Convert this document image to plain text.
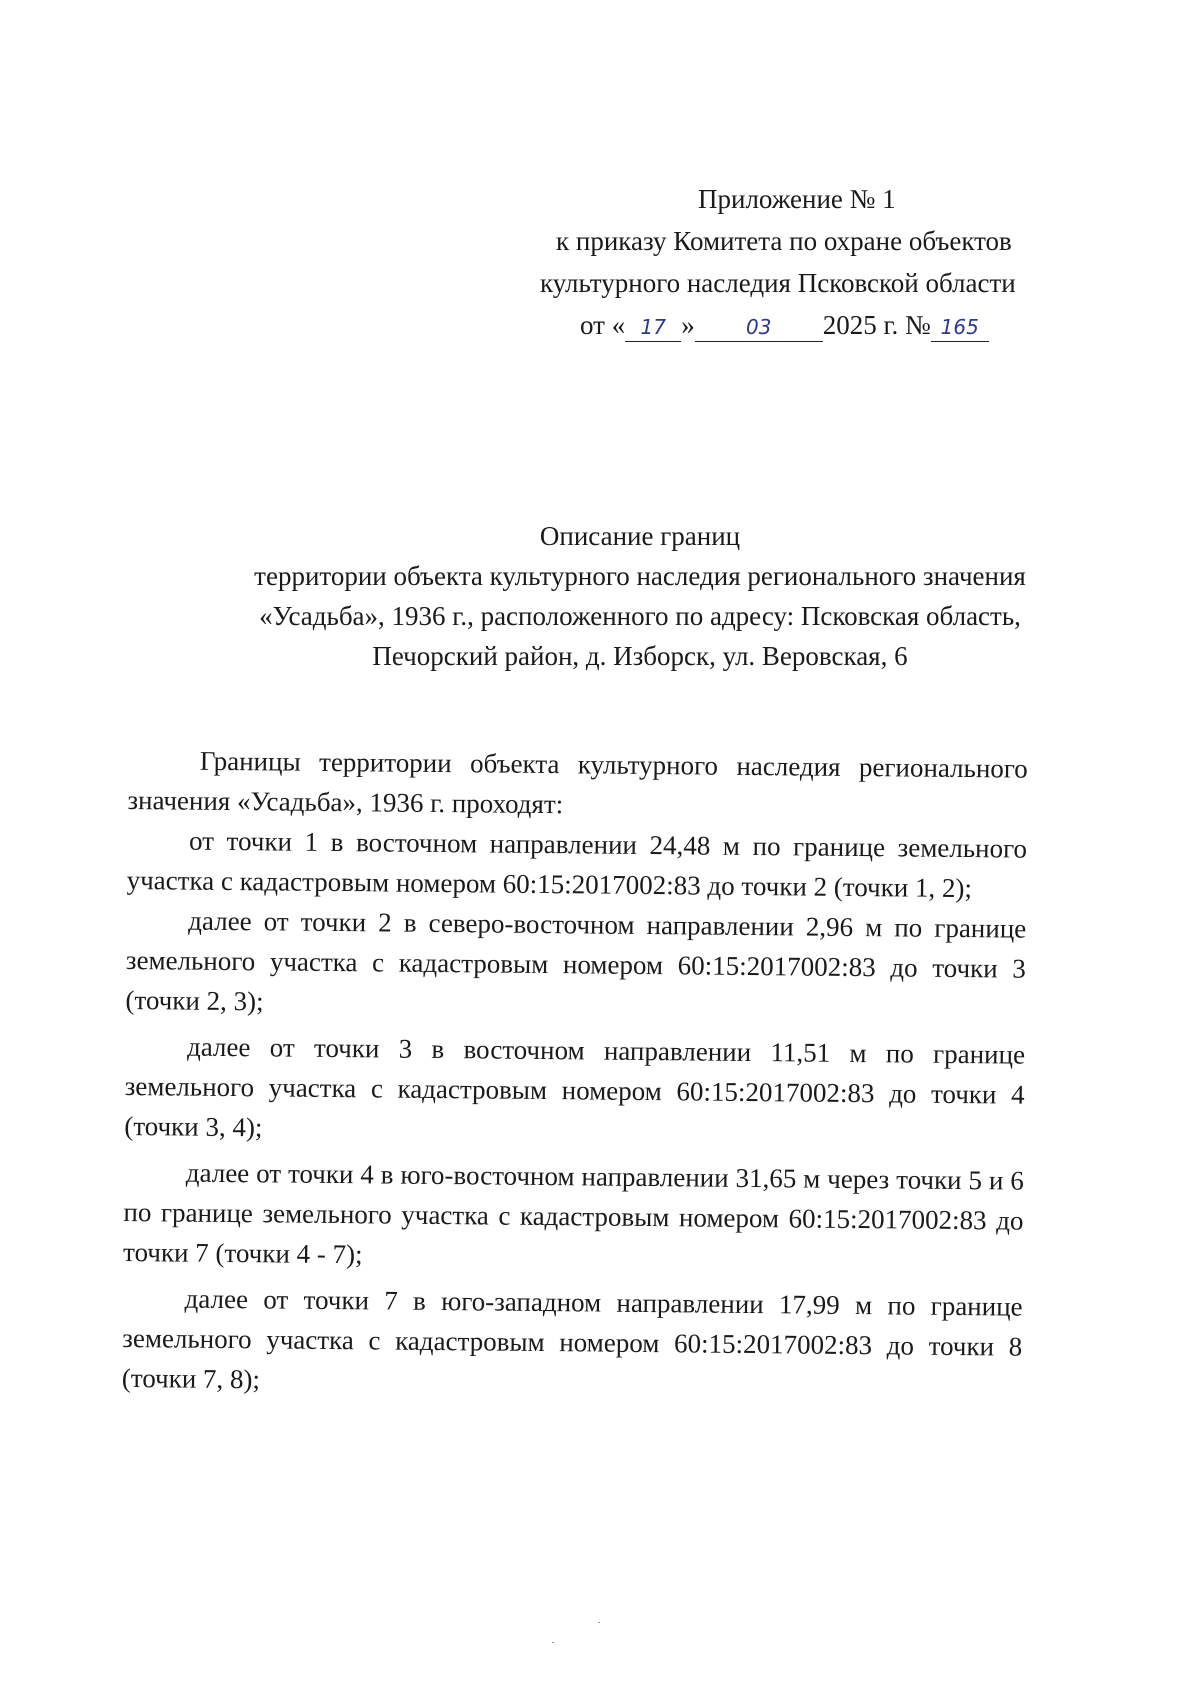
Приложение № 1
к приказу Комитета по охране объектов
культурного наследия Псковской области
от « 17 »	03 2025 г. № 165
Описание границ
территории объекта культурного наследия регионального значения
«Усадьба», 1936 г., расположенного по адресу: Псковская область,
Печорский район, д. Изборск, ул. Веровская, 6

Границы территории объекта культурного наследия регионального значения «Усадьба», 1936 г. проходят:

от точки 1 в восточном направлении 24,48 м по границе земельного участка с кадастровым номером 60:15:2017002:83 до точки 2 (точки 1, 2);

далее от точки 2 в северо-восточном направлении 2,96 м по границе земельного участка с кадастровым номером 60:15:2017002:83 до точки 3 (точки 2, 3);

далее от точки 3 в восточном направлении 11,51 м по границе земельного участка с кадастровым номером 60:15:2017002:83 до точки 4 (точки 3, 4);

далее от точки 4 в юго-восточном направлении 31,65 м через точки 5 и 6 по границе земельного участка с кадастровым номером 60:15:2017002:83 до точки 7 (точки 4 - 7);

далее от точки 7 в юго-западном направлении 17,99 м по границе земельного участка с кадастровым номером 60:15:2017002:83 до точки 8 (точки 7, 8);
